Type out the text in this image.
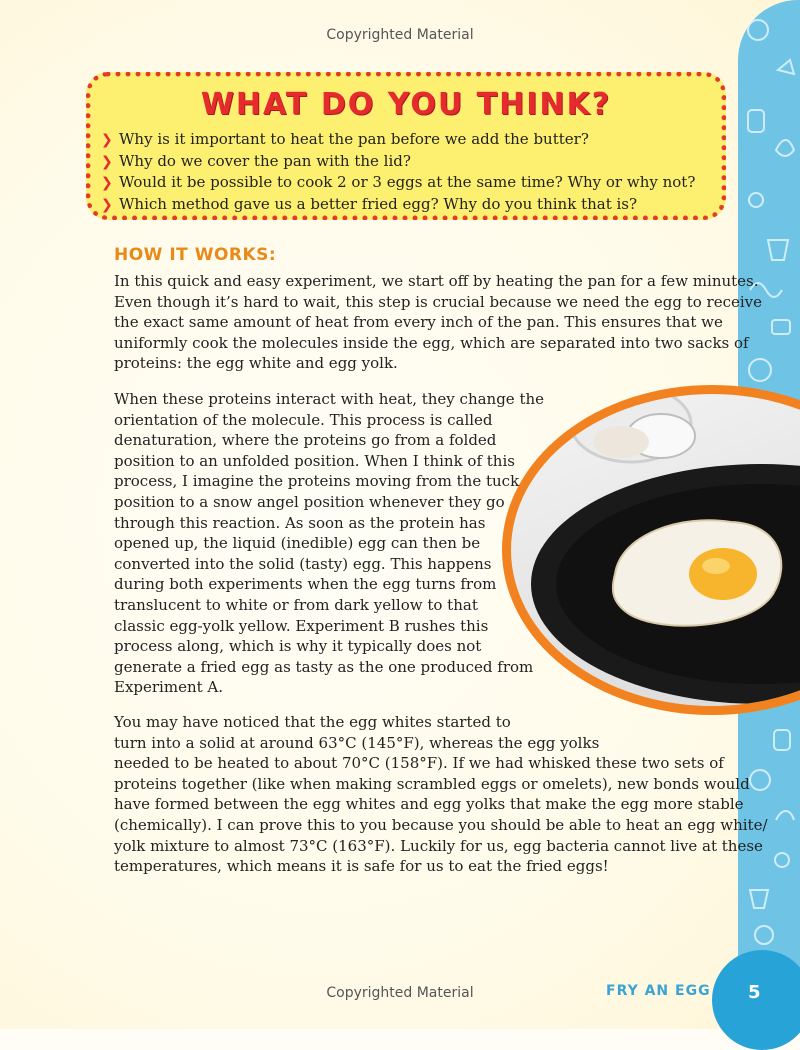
Copyrighted Material
WHAT DO YOU THINK?
❯ Why is it important to heat the pan before we add the butter?
❯ Why do we cover the pan with the lid?
❯ Would it be possible to cook 2 or 3 eggs at the same time? Why or why not?
❯ Which method gave us a better fried egg? Why do you think that is?
HOW IT WORKS:

In this quick and easy experiment, we start off by heating the pan for a few minutes.
Even though it’s hard to wait, this step is crucial because we need the egg to receive
the exact same amount of heat from every inch of the pan. This ensures that we
uniformly cook the molecules inside the egg, which are separated into two sacks of
proteins: the egg white and egg yolk.

When these proteins interact with heat, they change the
orientation of the molecule. This process is called
denaturation, where the proteins go from a folded
position to an unfolded position. When I think of this
process, I imagine the proteins moving from the tuck
position to a snow angel position whenever they go
through this reaction. As soon as the protein has
opened up, the liquid (inedible) egg can then be
converted into the solid (tasty) egg. This happens
during both experiments when the egg turns from
translucent to white or from dark yellow to that
classic egg-yolk yellow. Experiment B rushes this
process along, which is why it typically does not
generate a fried egg as tasty as the one produced from
Experiment A.

You may have noticed that the egg whites started to
turn into a solid at around 63°C (145°F), whereas the egg yolks
needed to be heated to about 70°C (158°F). If we had whisked these two sets of
proteins together (like when making scrambled eggs or omelets), new bonds would
have formed between the egg whites and egg yolks that make the egg more stable
(chemically). I can prove this to you because you should be able to heat an egg white/
yolk mixture to almost 73°C (163°F). Luckily for us, egg bacteria cannot live at these
temperatures, which means it is safe for us to eat the fried eggs!

Copyrighted Material	FRY AN EGG 5
